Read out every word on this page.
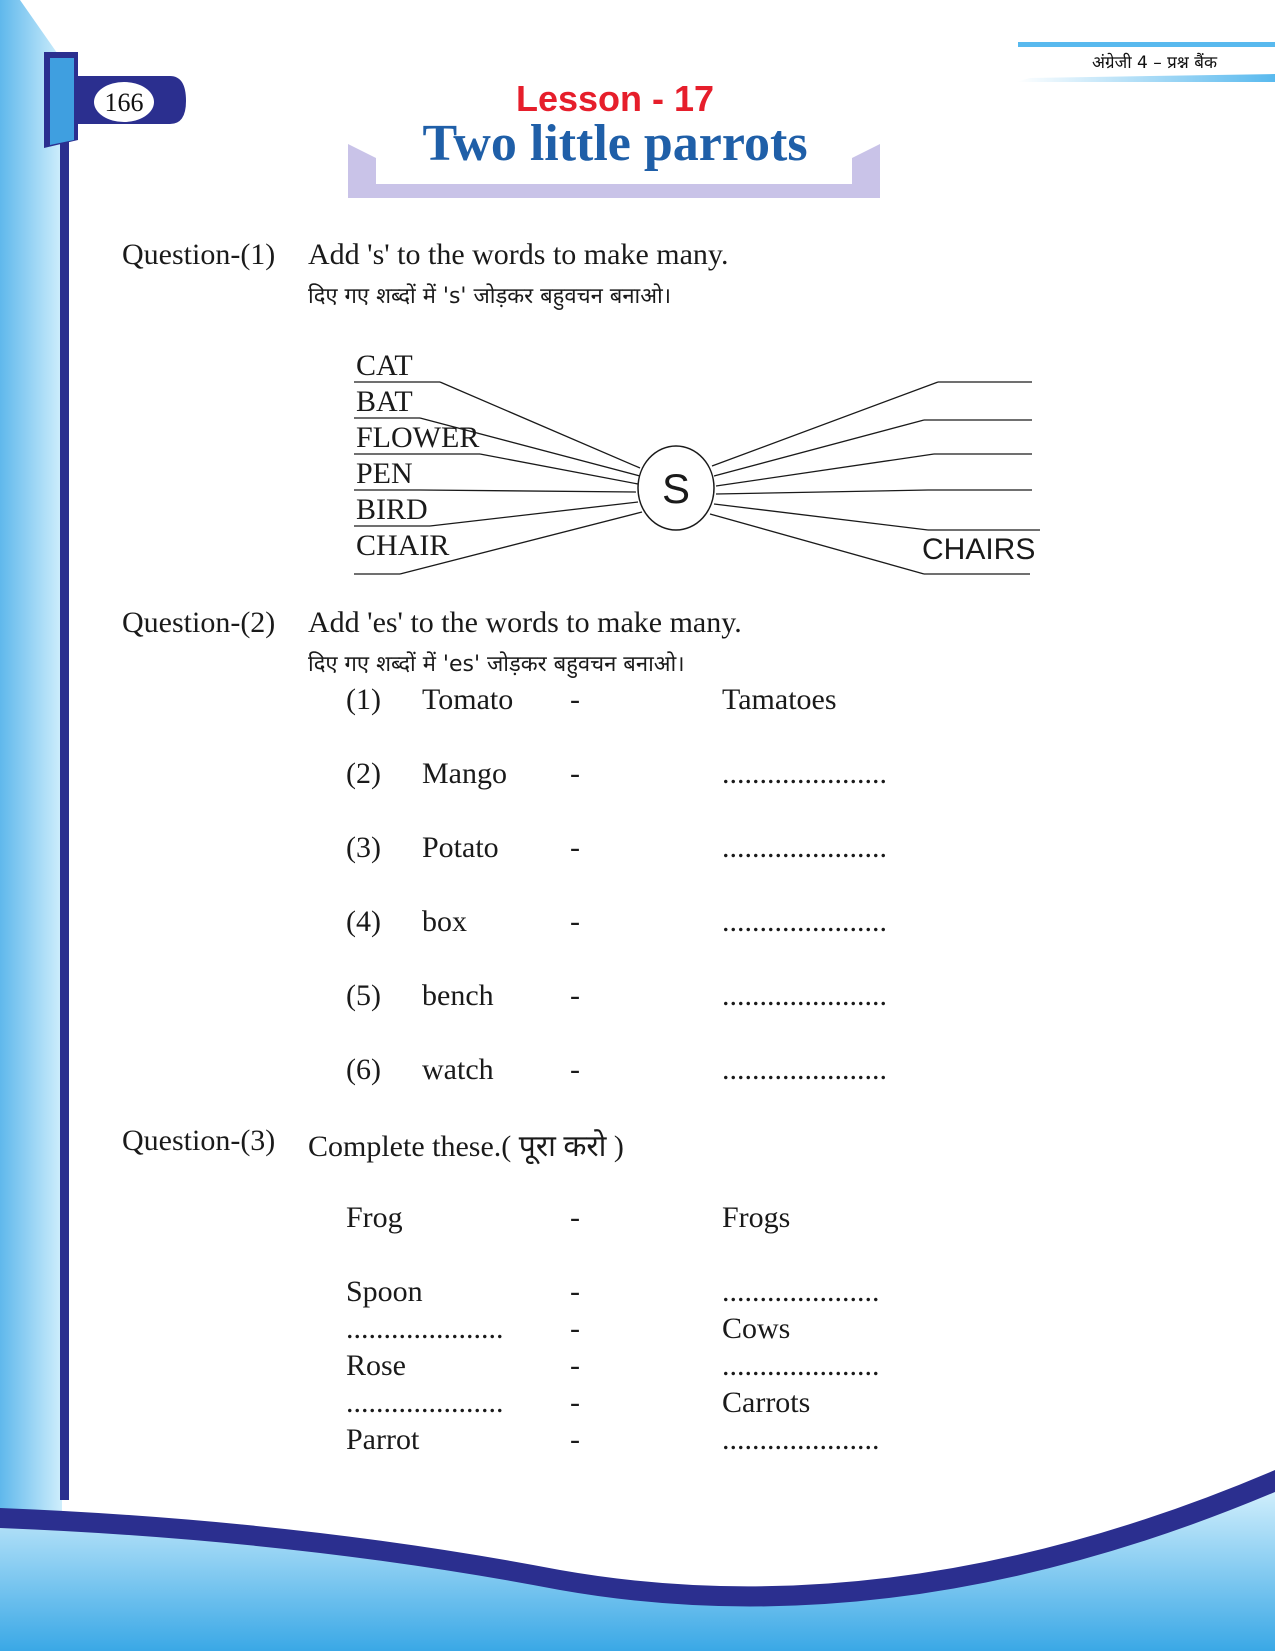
166
अंग्रेजी 4 – प्रश्न बैंक
Lesson - 17
Two little parrots
Question-(1) Add 's' to the words to make many.
दिए गए शब्दों में 's' जोड़कर बहुवचन बनाओ।
S
CAT
BAT
FLOWER
PEN
BIRD
CHAIR	CHAIRS
Question-(2) Add 'es' to the words to make many.
दिए गए शब्दों में 'es' जोड़कर बहुवचन बनाओ।
(1) Tomato -	Tamatoes
(2) Mango -	......................
(3) Potato -	......................
(4) box	-	......................
(5) bench	-	......................
(6) watch	-	......................
Question-(3) Complete these.( पूरा करो )
Frog	-	Frogs
Spoon	-	.....................
..................... -	Cows
Rose	-	.....................
..................... -	Carrots
Parrot	-	.....................
